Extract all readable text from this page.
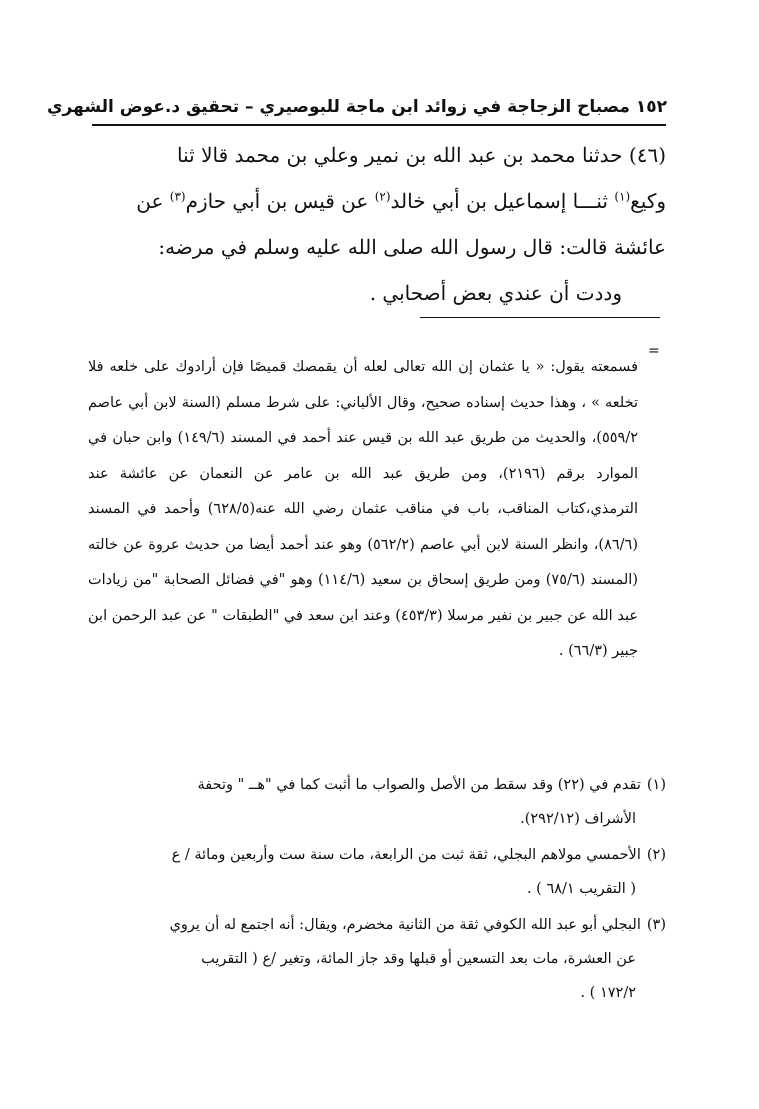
١٥٢ مصباح الزجاجة في زوائد ابن ماجة للبوصيري – تحقيق د.عوض الشهري

(٤٦) حدثنا محمد بن عبد الله بن نمير وعلي بن محمد قالا ثنا

وكيع$^{(١)}$ ثنـــا إسماعيل بن أبي خالد$^{(٢)}$ عن قيس بن أبي حازم$^{(٣)}$ عن

عائشة قالت: قال رسول الله صلى الله عليه وسلم في مرضه:

وددت أن عندي بعض أصحابي .

=

فسمعته يقول: « يا عثمان إن الله تعالى لعله أن يقمصك قميصًا فإن أرادوك على خلعه فلا تخلعه » ، وهذا حديث إسناده صحيح، وقال الألباني: على شرط مسلم (السنة لابن أبي عاصم ٥٥٩/٢)، والحديث من طريق عبد الله بن قيس عند أحمد في المسند (١٤٩/٦) وابن حبان في الموارد برقم (٢١٩٦)، ومن طريق عبد الله بن عامر عن النعمان عن عائشة عند الترمذي،كتاب المناقب، باب في مناقب عثمان رضي الله عنه(٦٢٨/٥) وأحمد في المسند (٨٦/٦)، وانظر السنة لابن أبي عاصم (٥٦٢/٢) وهو عند أحمد أيضا من حديث عروة عن خالته (المسند (٧٥/٦) ومن طريق إسحاق بن سعيد (١١٤/٦) وهو "في فضائل الصحابة "من زيادات عبد الله عن جبير بن نفير مرسلا (٤٥٣/٣) وعند ابن سعد في "الطبقات " عن عبد الرحمن ابن جبير (٦٦/٣) .

(١)تقدم في (٢٢) وقد سقط من الأصل والصواب ما أثبت كما في "هــ " وتحفة
الأشراف (٢٩٢/١٢).
(٢)الأحمسي مولاهم البجلي، ثقة ثبت من الرابعة، مات سنة ست وأربعين ومائة / ع
( التقريب ٦٨/١ ) .
(٣)البجلي أبو عبد الله الكوفي ثقة من الثانية مخضرم، ويقال: أنه اجتمع له أن يروي
عن العشرة، مات بعد التسعين أو قبلها وقد جاز المائة، وتغير /ع ( التقريب
١٧٢/٢ ) .
